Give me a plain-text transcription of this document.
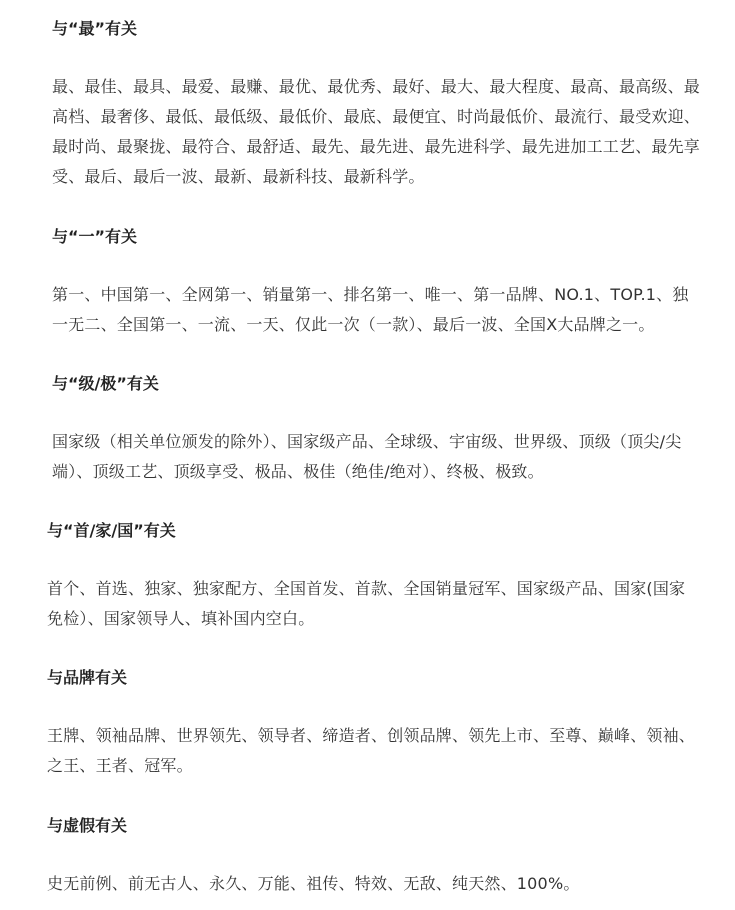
与“最”有关
最、最佳、最具、最爱、最赚、最优、最优秀、最好、最大、最大程度、最高、最高级、最高档、最奢侈、最低、最低级、最低价、最底、最便宜、时尚最低价、最流行、最受欢迎、最时尚、最聚拢、最符合、最舒适、最先、最先进、最先进科学、最先进加工工艺、最先享受、最后、最后一波、最新、最新科技、最新科学。
与“一”有关
第一、中国第一、全网第一、销量第一、排名第一、唯一、第一品牌、NO.1、TOP.1、独一无二、全国第一、一流、一天、仅此一次（一款）、最后一波、全国X大品牌之一。
与“级/极”有关
国家级（相关单位颁发的除外）、国家级产品、全球级、宇宙级、世界级、顶级（顶尖/尖端）、顶级工艺、顶级享受、极品、极佳（绝佳/绝对）、终极、极致。
与“首/家/国”有关
首个、首选、独家、独家配方、全国首发、首款、全国销量冠军、国家级产品、国家(国家免检）、国家领导人、填补国内空白。
与品牌有关
王牌、领袖品牌、世界领先、领导者、缔造者、创领品牌、领先上市、至尊、巅峰、领袖、之王、王者、冠军。
与虚假有关
史无前例、前无古人、永久、万能、祖传、特效、无敌、纯天然、100%。
